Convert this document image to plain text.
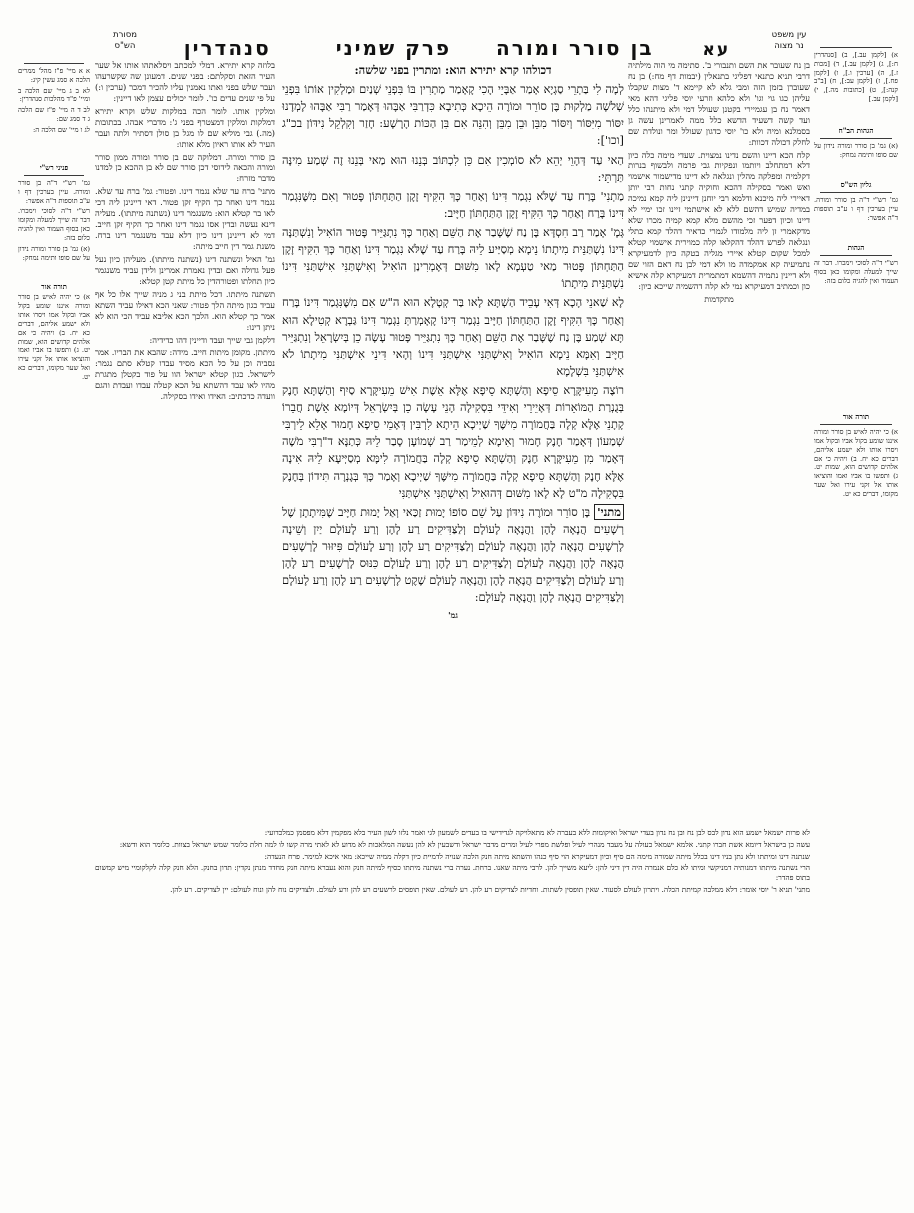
מסורת
הש"ס	עא בן סורר ומורה פרק שמיני סנהדרין
עין משפט
נר מצוה

א א מיי' פ"ז מהל' ממרים הלכה א סמג עשין קיג:

לא ב ג מיי' שם הלכה ב ומיי' פ"ד מהלכות סנהדרין:

לב ד ה מיי' פ"ז שם הלכה ג ד סמג שם:

לג ו מיי' שם הלכה ה:

פניני רש"י

גמ' רש"י ד"ה בן סורר ומורה. עיין בערכין דף ו ע"ב תוספות ד"ה אפשר:

רש"י ד"ה לסוכי וימכרו. דבר זה שייך למעלה ומקומו כאן בסוף העמוד ואין להגיה כלום בזה:

(א) גמ' בן סורר ומורה נידון על שם סופו ותימה נמחק:

תורה אור

א) כי יהיה לאיש בן סורר ומורה איננו שומע בקול אביו ובקול אמו ויסרו אותו ולא ישמע אליהם, דברים כא יח. ב) ויהיה כי אם אלהים קדושים הוא, שמות יט. ג) ותפשו בו אביו ואמו והוציאו אותו אל זקני עירו ואל שער מקומו, דברים כא יט.

א) [לקמן עב.], ב) [סנהדרין ח:], ג) [לקמן עב.], ד) [מכות ז.], ה) [ערכין ו.], ו) [לקמן פח.], ז) [לקמן עב:], ח) [ב"ב קנה:], ט) [כתובות מה.], י) [לקמן עב.]

הגהות הב"ח

(א) גמ' בן סורר ומורה נידון על שם סופו ותימה נמחק:

גליון הש"ס

גמ' רש"י ד"ה בן סורר ומורה. עיין בערכין דף ו ע"ב תוספות ד"ה אפשר:

הגהות

רש"י ד"ה לסוכי וימכרו. דבר זה שייך למעלה ומקומו כאן בסוף העמוד ואין להגיה כלום בזה:

תורה אור

א) כי יהיה לאיש בן סורר ומורה איננו שומע בקול אביו ובקול אמו ויסרו אותו ולא ישמע אליהם, דברים כא יח. ב) ויהיה כי אם אלהים קדושים הוא, שמות יט. ג) ותפשו בו אביו ואמו והוציאו אותו אל זקני עירו ואל שער מקומו, דברים כא יט.

בלוזה קרא יתירא. דמלי למכתב ויסלאתהו אותו אל שער העיר הזאת וסקלתם: בפני שנים. דמעונן שה שקשרעהו ועבר שלש בפני ואתו נאמנין עליו להכיר דמכר (ערכין ו:) על פי שנים עדים כו'. לומר יכולים עצמן לאו דיינין:

ומלקין אותו. לומר הכה במלקות שלש וקרא יתירא דמלקות ומלקין דמצטרף בפני ג': מדברי אבהו. בכתובות (מה.) גבי מוליא שם לו מגל בן סולן דסתיר ולתה ועבר העיר לא אותו ראיון מלא אותו:

בן סורר ומורה. דמלוקה שם בן סורר ומורה ממון סורר ומורה והכאה לידוסי דכן סורר שם לא בן ההכא כן למדנו מדבר מזרח:

מתני' ברח עד שלא נגמר דינו. ופטור: גמ' ברח עד שלא. נגמר דינו ואחר כך הקיף זקן פטור. דאי דיינינן ליה דכי לאו בר קטלא הוא: משנגמר דינו (נשתנה מיתתו). מעליה דינא נעשה ובדין אסו נגמר דינו ואחר כך הקיף זקן חייב. דמי לא דיינינן דינו כיון דלא עבד משנגמר דינו ברח. משנת גמר דין חייב מיתה:

גמ' האיל ונשתנה דינו (נשתנה מיתתו). מעליהן כיון נעל פעל גדולה ואם ובדין נאמרת אמרינן ולידן עביד משנגמר כיון תחלתו ופטורהדין כל מיתת קטן קטלא:

תשתנה מיתתו. דכל מיתת בני ג מניה שייך אלו כל אף עביד כגון מיתה הלך פטור: שאני הכא דאילו עביד השתא אמר כך קטלא הוא. הלכך הכא אליבא עביד הכי הוא לא ניתן דינו:

דלקמן גבי שייך ועבד ודיינין דהו כדידיה:

מיתתן. מקומן מיתות חייב. מידה: שהבא את הבריו. אמר נסביה וכן על כל הכא מסיד עבדו קטלא סתם נגמר: לישראל. כגון קטלא ישראל הוו על פוד בקטלן מתגרת מהיו לאו עבד דהשתא על הכא קטלה עבדו ועבדת והגם וועדה כדכתיב: האידו ואידו בסקילה.

בן נח שעובר את השם ותנבורי ב'. סתימה מי הוה מילתיה דרבי תניא כתנאי דפליגי בתנאלין (יבמות דף מח:) בן נח שעוברן בזמן הזה ומבי גלא לא קיימא ד' מצות שקבלו עליהן כגו גוי וגו' ולא כלהא וזרעי יוסי פליגי דהא מאי דאמר נח בן עגמיירי בקטנן שעולל דמי ולא מיתנהו כלל ועד קשה דשעיד הדשא כלל ממה לאמרינן עשה גן בסמלנא ומיה ולא כו' יוסי כדגון שעולל ומר ונולדת שם לחלק דכולה דכוות:

קלח הכא דיינו והשם נדינו נמצוית. שעדי מימה כלה כיון דלא דמתחלב ויותמו ונפקיות גבי פרמה ולבשוף בנרות דקלמיה ומפלקה מהלין ונגלאה לא דיינו מדישמור אישמוי ואש ואמר בסקילה דהכא וחוקיה קתני נחות רבי יותן דאיירי ליה מיכנא ודלמא רבי יוחנן דיינינן ליה קמא נמיכה במדיה שמיש דהשם ללא לא אישתמי זיינו זכו ימיי לא דיינו וכיון דפער זכי מהשם מלא קמא קמיה מכרו שלא מדקאמרי זן ליה מלמודו לגמרי כדאיר דהלד קמא כתלי ונגלאה לפרש דהלד דהקלאו קלה כמוירית אישמוי קטלא למכל שקום קטלא איירי מגליה בטקה כיון לדמעיקרא נתמיעיה קא אמקמדה מו ולא דמי לבן נח דאם הזוי שם ולא דיינין נתמיה דהשמא דמתמרית דמעיקרא קלה אישיא כון וכמתיב דמעיקרא נמי לא קלה דהשמיה שייכא כיון:

מתקדמות

דכולהו קרא יתירא הוא: ומתרין בפני שלשה:

לְמָה לִי בַּתְרֵי סַגְיָא אָמַר אַבָּיֵי הָכִי קָאָמַר מַתְרִין בּוֹ בִּפְנֵי שְׁנַיִם וּמַלְקִין אוֹתוֹ בִּפְנֵי שְׁלֹשָׁה מַלְקוּת בֶּן סוֹרֵר וּמוֹרֶה הֵיכָא כְּתִיבָא כִּדְרַבִּי אַבָּהוּ דְּאָמַר רַבִּי אַבָּהוּ לָמְדָנוּ יִסּוֹר מִיִּסּוֹר וְיִסּוֹר מִבֵּן וּבֵן מִבֵּן וְהִנֵּה אִם בִּן הַכּוֹת הָרָשָׁע: חָזַר וְקִלְקֵל נִידּוֹן בכ"ג [וכו']:

הַאי עַד דְּהָוֵי יְהֵא לֹא סוֹמְכִין אִם כֵּן לִכְתּוֹב בְּנֵנוּ הוּא מַאי בְּנֵנוּ זֶה שְׁמַע מִינָּה תַּרְתֵּי:

מַתְנִי' בָּרַח עַד שֶׁלֹּא נִגְמַר דִּינוֹ וְאַחַר כָּךְ הִקִּיף זָקָן הַתַּחְתּוֹן פָּטוּר וְאִם מִשֶּׁנִּגְמַר דִּינוֹ בָּרַח וְאַחַר כָּךְ הִקִּיף זָקָן הַתַּחְתּוֹן חַיָּיב:

גְּמָ' אָמַר רַב חִסְדָּא בֶּן נַח שֶׁשָּׁבַר אֶת הַשֵּׁם וְאַחַר כָּךְ נִתְגַּיֵּיר פָּטוּר הוֹאִיל וְנִשְׁתַּנָּה דִּינוֹ נִשְׁתַּנֵּית מִיתָתוֹ נֵימָא מְסַיַּיע לֵיהּ בָּרַח עַד שֶׁלֹּא נִגְמַר דִּינוֹ וְאַחַר כָּךְ הִקִּיף זָקָן הַתַּחְתּוֹן פָּטוּר מַאי טַעְמָא לָאו מִשּׁוּם דְּאָמְרִינַן הוֹאִיל וְאִישְׁתַּנִּי אִישְׁתַּנִּי דִּינוֹ נִשְׁתַּנֵּית מִיתָתוֹ

לָא שַׁאנֵי הָכָא דְּאִי עָבֵיד הַשְׁתָּא לָאו בַּר קְטָלָא הוּא ה"ש אִם מִשֶּׁנִּגְמַר דִּינוֹ בָּרַח וְאַחַר כָּךְ הִקִּיף זָקָן הַתַּחְתּוֹן חַיָּיב נִגְמַר דִּינוֹ קָאָמְרַתְּ נִגְמַר דִּינוֹ גַּבְרָא קְטִילָא הוּא תָּא שְׁמַע בֶּן נַח שֶׁשָּׁבַר אֶת הַשֵּׁם וְאַחַר כָּךְ נִתְגַּיֵּיר פָּטוּר עָשָׂה כֵן בְּיִשְׂרָאֵל וְנִתְגַּיֵּיר חַיָּיב וְאִמָּא נֵימָא הוֹאִיל וְאִישְׁתַּנִּי אִישְׁתַּנִּי דִּינוֹ וְהָאי דִּינֵי אִישְׁתַּנִּי מִיתָתוֹ לֹא אִישְׁתַּנֵּי בִּשְׁלָמָא

רוֹצֶה מֵעִיקָּרָא סֵיפָא וְהַשְׁתָּא סֵיפָא אֶלָּא אֵשֶׁת אִישׁ מֵעִיקָּרָא סַיִף וְהַשְׁתָּא חֶנֶק בְּגֻנְרַת הַמּוֹאֵרוֹת דְּאָיֵירֵי וְאִידֵּי בִּסְקִילָה הָנֵי עָשָׂה כֵן בְּיִשְׂרָאֵל דְּיוֹמָא אֵשֶׁת חֲבֵרוֹ קָתָנֵי אֶלָּא קְלָה בַּחֲמוֹרָה מִישֶּׁךָ שַׁיְיכָא הֵיתָא לִרְבִּין דְּאָמֵי סֵיפָא חָמוּר אָלֵא לֵירְבִּי שְׁמַעוֹן דְּאָמַר חֶנֶק חָמוּר וְאִימָא לְמֵימַר רַב שְׁמוֹעָן סָבַר לֵיהּ כְּתַנָּא ד"רְבִּי מֹשֶׁה דְּאָמַר מִן מֵעִיקָּרָא חֶנֶק וְהַשְׁתָּא סֵיפָא קְלָה בַּחֲמוֹרָה לִימָּא מְסַיְּיעָא לֵיהּ אִינָה אֶלָּא חֶנֶק וְהַשְׁתָּא סֵיפָא קְלָה בַּחֲמוֹרָה מִישֶּׁךָ שַׁיְיכָא וְאָמַר כָּךְ בְּגָנְרָה תִּידוֹן בְּחֶנֶק בִּסְקִילָה מ"ט לָא לָאו מִשּׁוּם דְּהוּאִיל וְאִישְׁתַּנִּי אִישְׁתַּנִּי

מתני' בֶּן סוֹרֵר וּמוֹרֶה נִידּוֹן עַל שֵׁם סוֹפוֹ יָמוּת זַכַּאי וְאַל יָמוּת חַיָּיב שֶׁמִּיתָתָן שֶׁל רְשָׁעִים הֲנָאָה לָהֶן וַהֲנָאָה לָעוֹלָם וְלַצַּדִּיקִים רַע לָהֶן וְרַע לָעוֹלָם יַיִן וְשֵׁינָה לָרְשָׁעִים הֲנָאָה לָהֶן וַהֲנָאָה לָעוֹלָם וְלַצַּדִּיקִים רַע לָהֶן וְרַע לָעוֹלָם פִּיזּוּר לָרְשָׁעִים הֲנָאָה לָהֶן וַהֲנָאָה לָעוֹלָם וְלַצַּדִּיקִים רַע לָהֶן וְרַע לָעוֹלָם כִּנּוּס לָרְשָׁעִים רַע לָהֶן וְרַע לָעוֹלָם וְלַצַּדִּיקִים הֲנָאָה לָהֶן וַהֲנָאָה לָעוֹלָם שֶׁקֶט לָרְשָׁעִים רַע לָהֶן וְרַע לָעוֹלָם וְלַצַּדִּיקִים הֲנָאָה לָהֶן וַהֲנָאָה לָעוֹלָם:

גמ'

לא פרות ישמאל ישמע הוא נדון לבס לבן נח ובן נח נדון בעדי ישראל ואיקומות ללא בעברה לא מתאלויקה לגדידישי בו בעדים לשמעון לגי ואמר נלזו לשון העיר בלא מפקמין דלא מפסמן כמלכדועי:

עשה כן בישראל דיומא אשת חברו קתני. אלמא ישמאל כעולה על מעבד מנהרי לעיל ופלשת מפרי לעיל ומרים מדבר ישראל ודשבעין לא להן נעשה המלאכות לא מדוע לא לאתי מרה קשו לו למה חלת כלומר שמש ישראל בצוות. כלומר הוא ודשא:

שנתנה דינו ומיתתו ולא נתן בניו דינו בכלל מיתה שמורה מימה הם סיף וכיון דמעיקרא הוי סיף כנהו והשתא מיתה חנק הלכה שנויה לדמיית כיון דקלה ממיה שייכא: מאי איכא למימר. פרח הנעדה:

הרי נשתנה מיתתו דמנותיה דמניקשי ומיתו לא כלם אנמרה היה דין דיני להן: ליעא משייך להן. לרבי מיתה שאנו. ברחת. נערה ברי נשתנה מיתתו כסיף למיתה חנק והוא נעברא מיתה חנק מחדד מנתן נקדין: תדון בחנק. הלא חנק קלה לקלקומיי מיש קמשום בתוס פהדר:

מתני' תניא ר' יוסי אומר: דלא ממלבה קמיתת הכלה. ויתרון לעולם לסעוד. שאין תופסין לשתות. וחדיות לצדיקים רע להן. רע לעולם. שאין תופסים לרשעים רע להן ורע לעולם. ולצדיקים נוח להן ונוח לעולם: יין לצדיקים. רע להן.
